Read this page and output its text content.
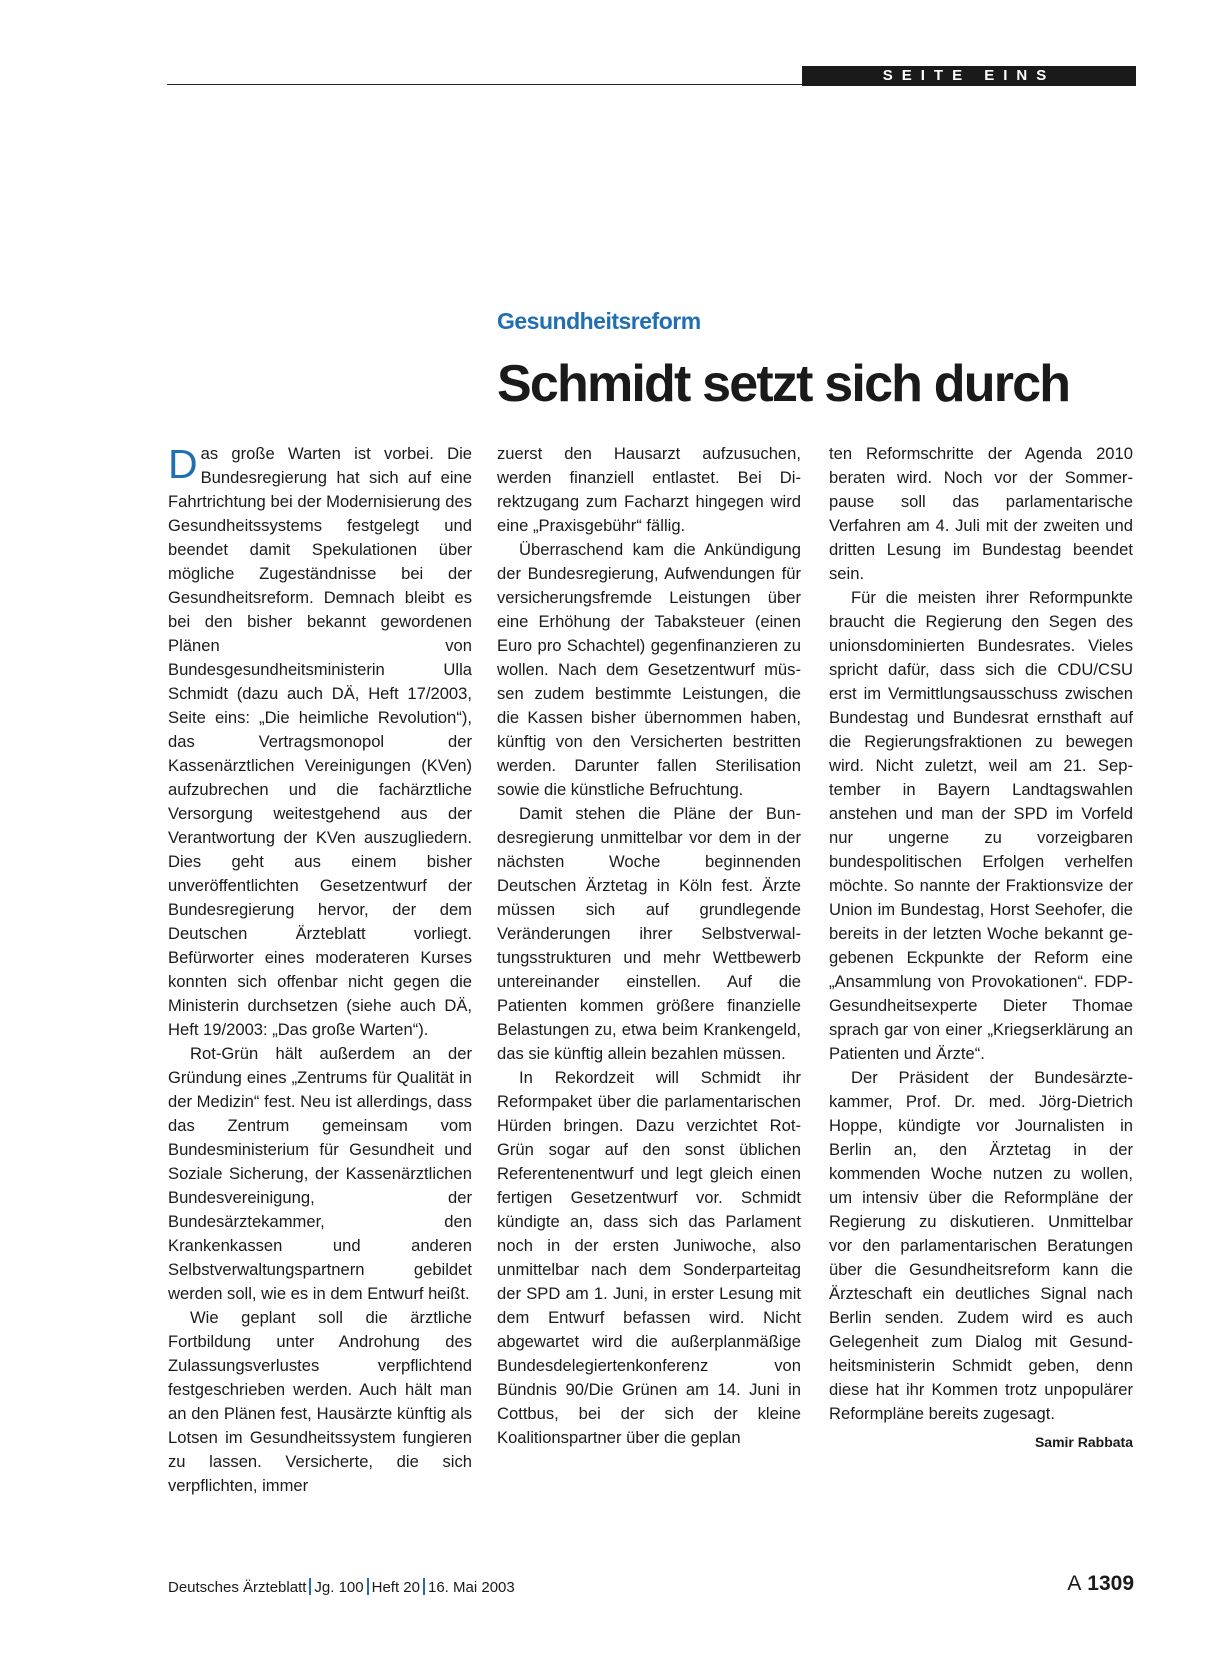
SEITE EINS
Gesundheitsreform
Schmidt setzt sich durch

Das große Warten ist vorbei. Die Bundesregierung hat sich auf eine Fahrtrichtung bei der Modernisierung des Gesundheitssystems festgelegt und beendet damit Spekulationen über mögliche Zugeständnisse bei der Gesundheitsreform. Demnach bleibt es bei den bisher bekannt gewordenen Plänen von Bundesgesundheitsministerin Ulla Schmidt (dazu auch DÄ, Heft 17/2003, Seite eins: „Die heimliche Revolution“), das Vertragsmonopol der Kassenärztlichen Vereinigungen (KVen) aufzubrechen und die fachärztliche Versorgung weitestgehend aus der Verantwortung der KVen auszugliedern. Dies geht aus einem bisher unveröffentlichten Gesetzentwurf der Bundesregierung hervor, der dem Deutschen Ärzteblatt vorliegt. Befürworter eines moderateren Kurses konnten sich offenbar nicht gegen die Ministerin durchsetzen (siehe auch DÄ, Heft 19/2003: „Das große Warten“).

Rot-Grün hält außerdem an der Gründung eines „Zentrums für Qualität in der Medizin“ fest. Neu ist allerdings, dass das Zentrum gemeinsam vom Bundesministerium für Gesundheit und Soziale Sicherung, der Kassenärztlichen Bundesvereinigung, der Bundesärztekammer, den Krankenkassen und anderen Selbstverwaltungspartnern gebildet werden soll, wie es in dem Entwurf heißt.

Wie geplant soll die ärztliche Fortbildung unter Androhung des Zulassungsverlustes verpflichtend festgeschrieben werden. Auch hält man an den Plänen fest, Hausärzte künftig als Lotsen im Gesundheitssystem fungieren zu lassen. Versicherte, die sich verpflichten, immer

zuerst den Hausarzt aufzusuchen, werden finanziell entlastet. Bei Direktzugang zum Facharzt hingegen wird eine „Praxisgebühr“ fällig.

Überraschend kam die Ankündigung der Bundesregierung, Aufwendungen für versicherungsfremde Leistungen über eine Erhöhung der Tabaksteuer (einen Euro pro Schachtel) gegenfinanzieren zu wollen. Nach dem Gesetzentwurf müssen zudem bestimmte Leistungen, die die Kassen bisher übernommen haben, künftig von den Versicherten bestritten werden. Darunter fallen Sterilisation sowie die künstliche Befruchtung.

Damit stehen die Pläne der Bundesregierung unmittelbar vor dem in der nächsten Woche beginnenden Deutschen Ärztetag in Köln fest. Ärzte müssen sich auf grundlegende Veränderungen ihrer Selbstverwaltungsstrukturen und mehr Wettbewerb untereinander einstellen. Auf die Patienten kommen größere finanzielle Belastungen zu, etwa beim Krankengeld, das sie künftig allein bezahlen müssen.

In Rekordzeit will Schmidt ihr Reformpaket über die parlamentarischen Hürden bringen. Dazu verzichtet Rot-Grün sogar auf den sonst üblichen Referentenentwurf und legt gleich einen fertigen Gesetzentwurf vor. Schmidt kündigte an, dass sich das Parlament noch in der ersten Juniwoche, also unmittelbar nach dem Sonderparteitag der SPD am 1. Juni, in erster Lesung mit dem Entwurf befassen wird. Nicht abgewartet wird die außerplanmäßige Bundesdelegiertenkonferenz von Bündnis 90/Die Grünen am 14. Juni in Cottbus, bei der sich der kleine Koalitionspartner über die geplan

ten Reformschritte der Agenda 2010 beraten wird. Noch vor der Sommerpause soll das parlamentarische Verfahren am 4. Juli mit der zweiten und dritten Lesung im Bundestag beendet sein.

Für die meisten ihrer Reformpunkte braucht die Regierung den Segen des unionsdominierten Bundesrates. Vieles spricht dafür, dass sich die CDU/CSU erst im Vermittlungsausschuss zwischen Bundestag und Bundesrat ernsthaft auf die Regierungsfraktionen zu bewegen wird. Nicht zuletzt, weil am 21. September in Bayern Landtagswahlen anstehen und man der SPD im Vorfeld nur ungerne zu vorzeigbaren bundespolitischen Erfolgen verhelfen möchte. So nannte der Fraktionsvize der Union im Bundestag, Horst Seehofer, die bereits in der letzten Woche bekannt gegebenen Eckpunkte der Reform eine „Ansammlung von Provokationen“. FDP-Gesundheitsexperte Dieter Thomae sprach gar von einer „Kriegserklärung an Patienten und Ärzte“.

Der Präsident der Bundesärztekammer, Prof. Dr. med. Jörg-Dietrich Hoppe, kündigte vor Journalisten in Berlin an, den Ärztetag in der kommenden Woche nutzen zu wollen, um intensiv über die Reformpläne der Regierung zu diskutieren. Unmittelbar vor den parlamentarischen Beratungen über die Gesundheitsreform kann die Ärzteschaft ein deutliches Signal nach Berlin senden. Zudem wird es auch Gelegenheit zum Dialog mit Gesundheitsministerin Schmidt geben, denn diese hat ihr Kommen trotz unpopulärer Reformpläne bereits zugesagt.
Samir Rabbata

Deutsches Ärzteblatt Jg. 100 Heft 20 16. Mai 2003	A 1309
